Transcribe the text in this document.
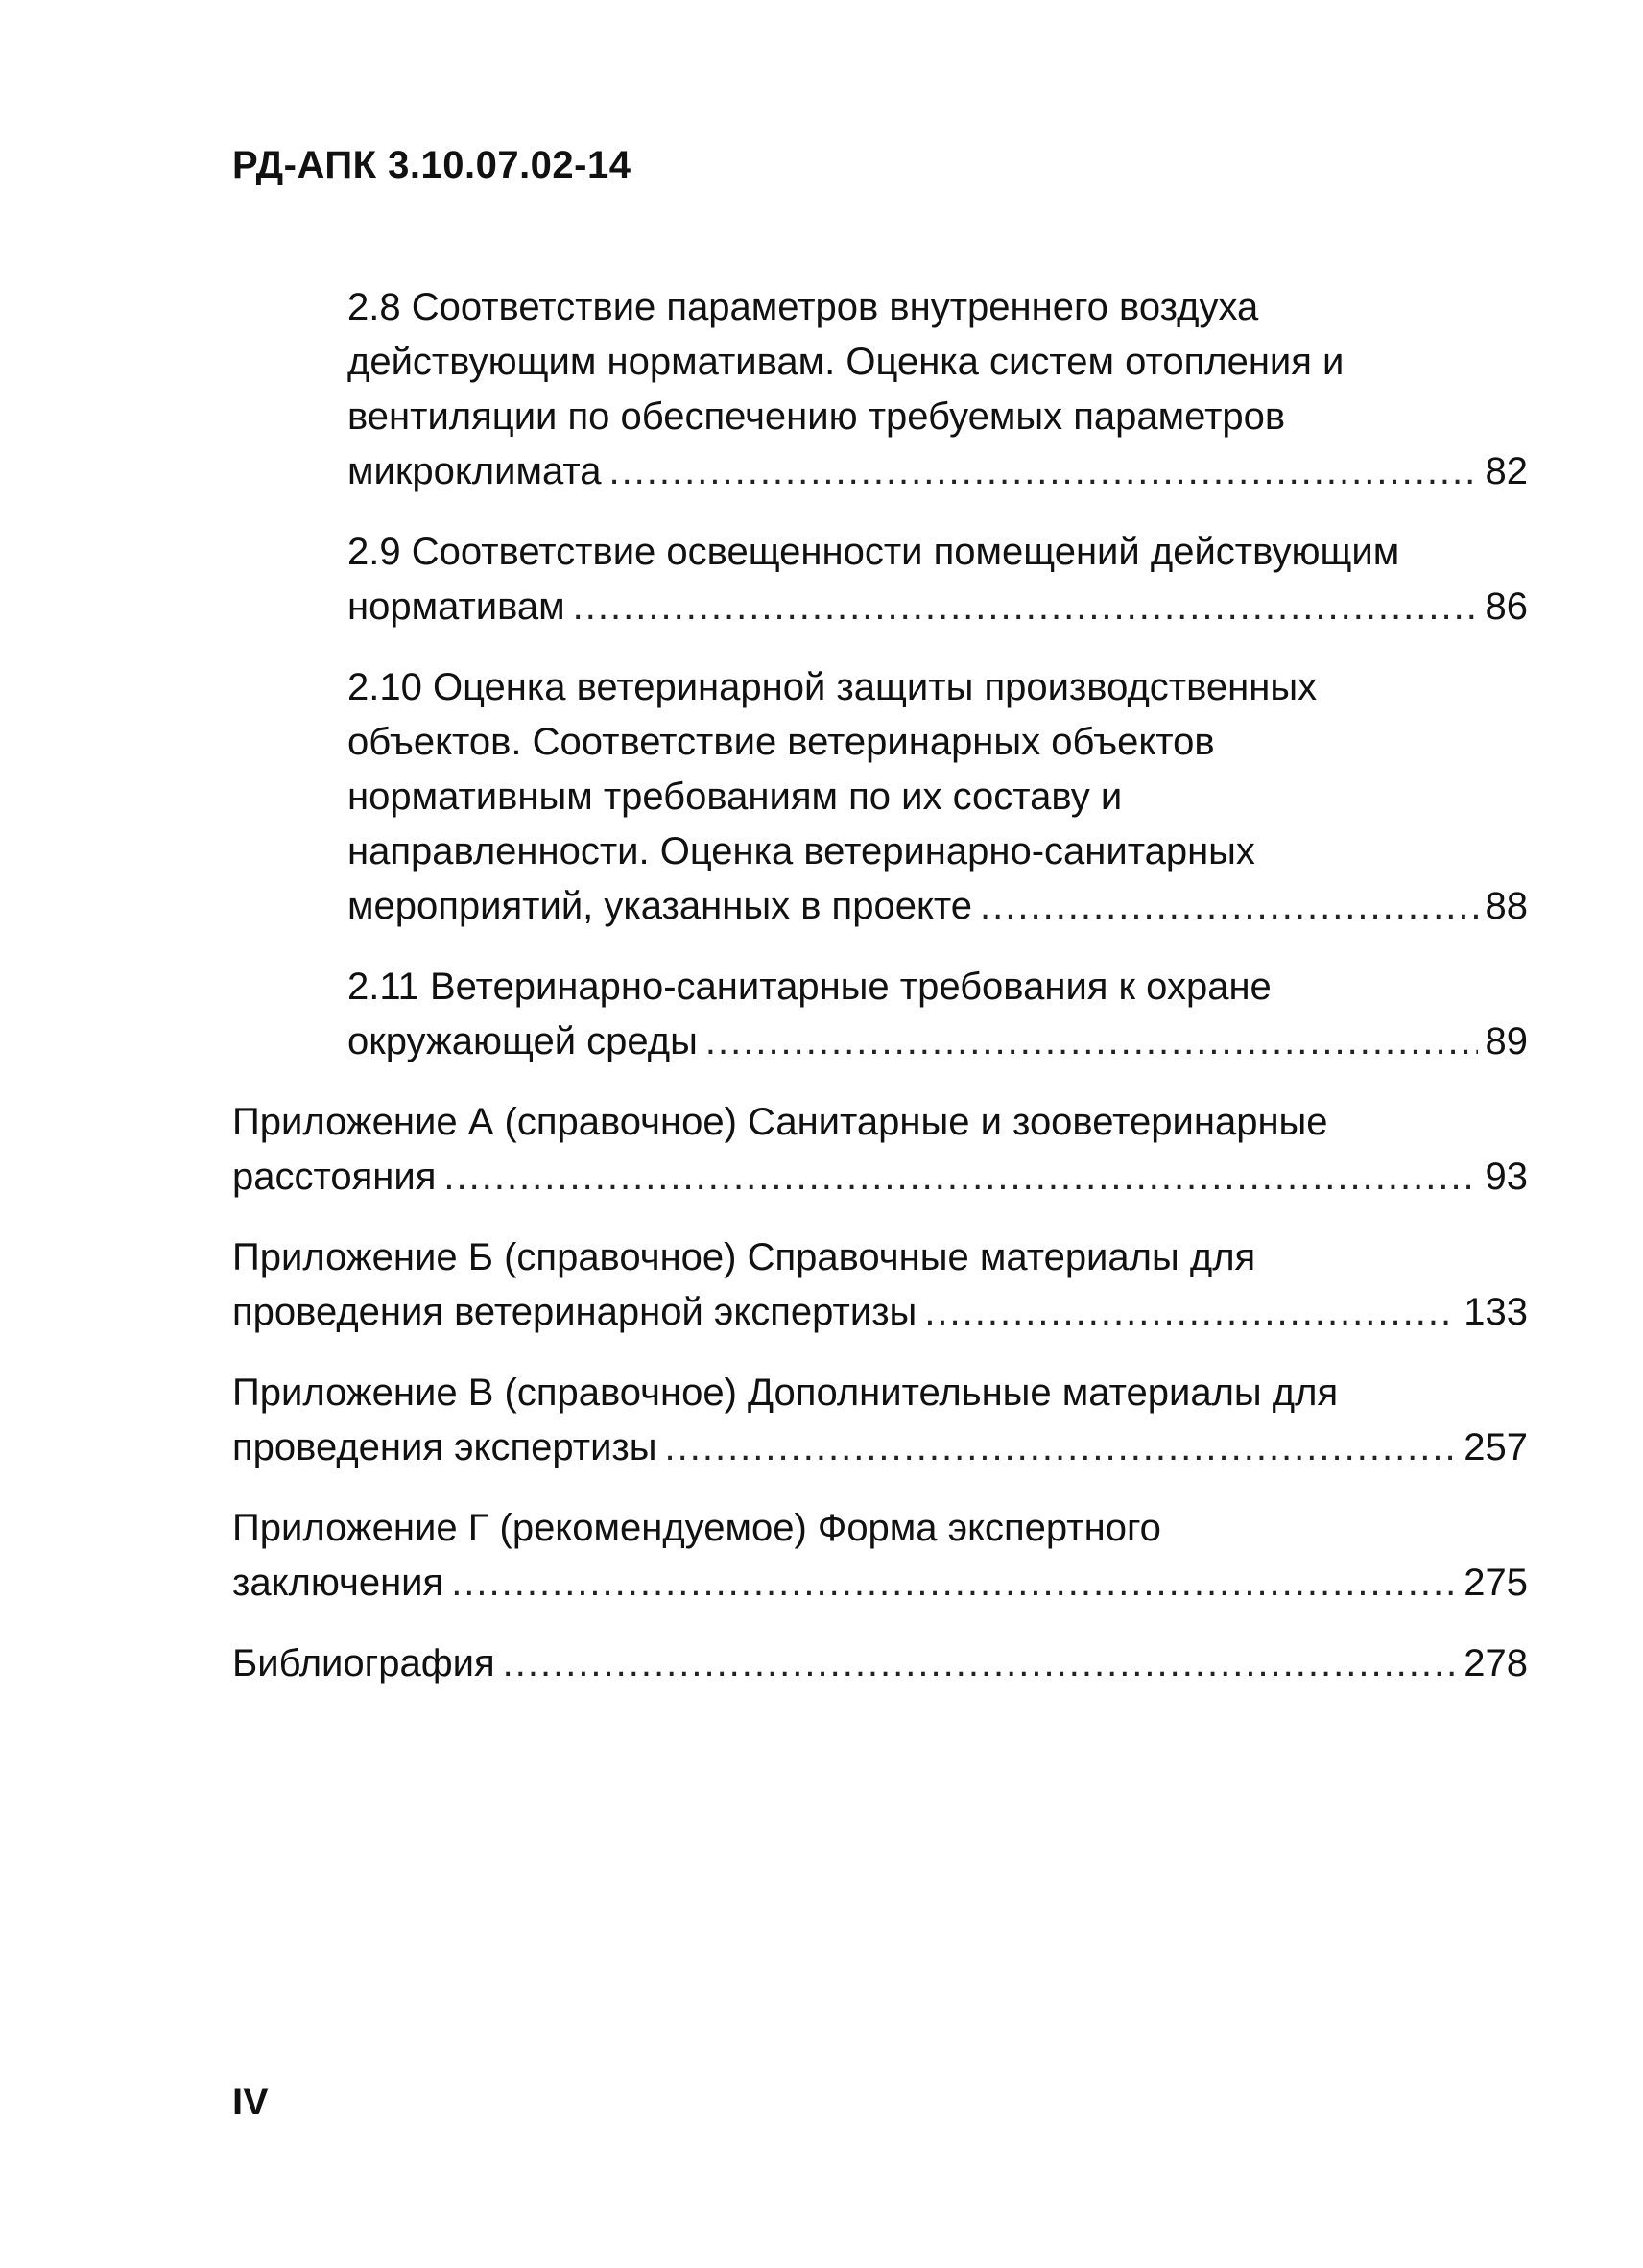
РД-АПК 3.10.07.02-14
2.8 Соответствие параметров внутреннего воздуха
действующим нормативам. Оценка систем отопления и
вентиляции по обеспечению требуемых параметров
микроклимата .....	82
2.9 Соответствие освещенности помещений действующим
нормативам .....	86
2.10 Оценка ветеринарной защиты производственных
объектов. Соответствие ветеринарных объектов
нормативным требованиям по их составу и
направленности. Оценка ветеринарно-санитарных
мероприятий, указанных в проекте .....	88
2.11 Ветеринарно-санитарные требования к охране
окружающей среды .....	89
Приложение А (справочное) Санитарные и зооветеринарные
расстояния .....	93
Приложение Б (справочное) Справочные материалы для
проведения ветеринарной экспертизы .....	133
Приложение В (справочное) Дополнительные материалы для
проведения экспертизы .....	257
Приложение Г (рекомендуемое) Форма экспертного
заключения .....	275
Библиография .....	278
IV
